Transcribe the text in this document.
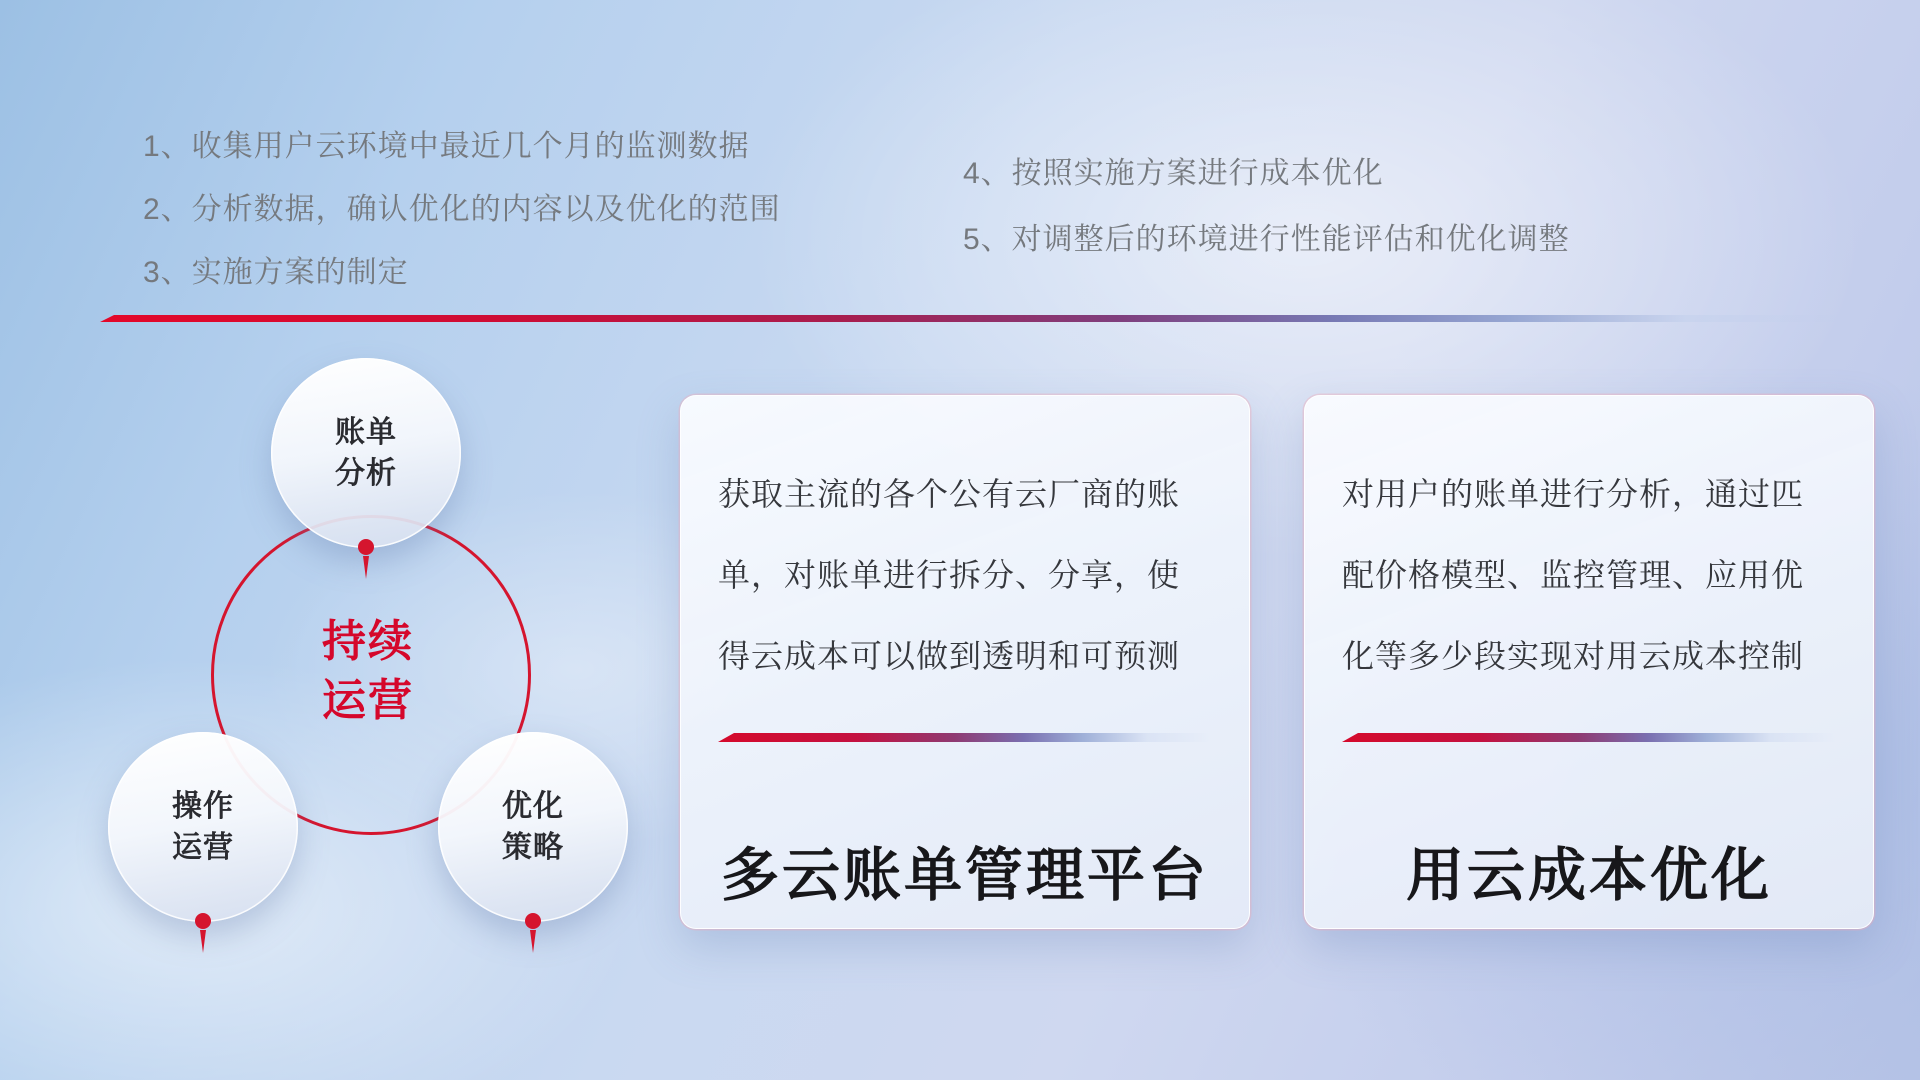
1、收集用户云环境中最近几个月的监测数据
2、分析数据，确认优化的内容以及优化的范围
3、实施方案的制定
4、按照实施方案进行成本优化
5、对调整后的环境进行性能评估和优化调整
持续
运营
账单
分析
操作
运营
优化
策略
获取主流的各个公有云厂商的账
单，对账单进行拆分、分享，使
得云成本可以做到透明和可预测
多云账单管理平台
对用户的账单进行分析，通过匹
配价格模型、监控管理、应用优
化等多少段实现对用云成本控制
用云成本优化
